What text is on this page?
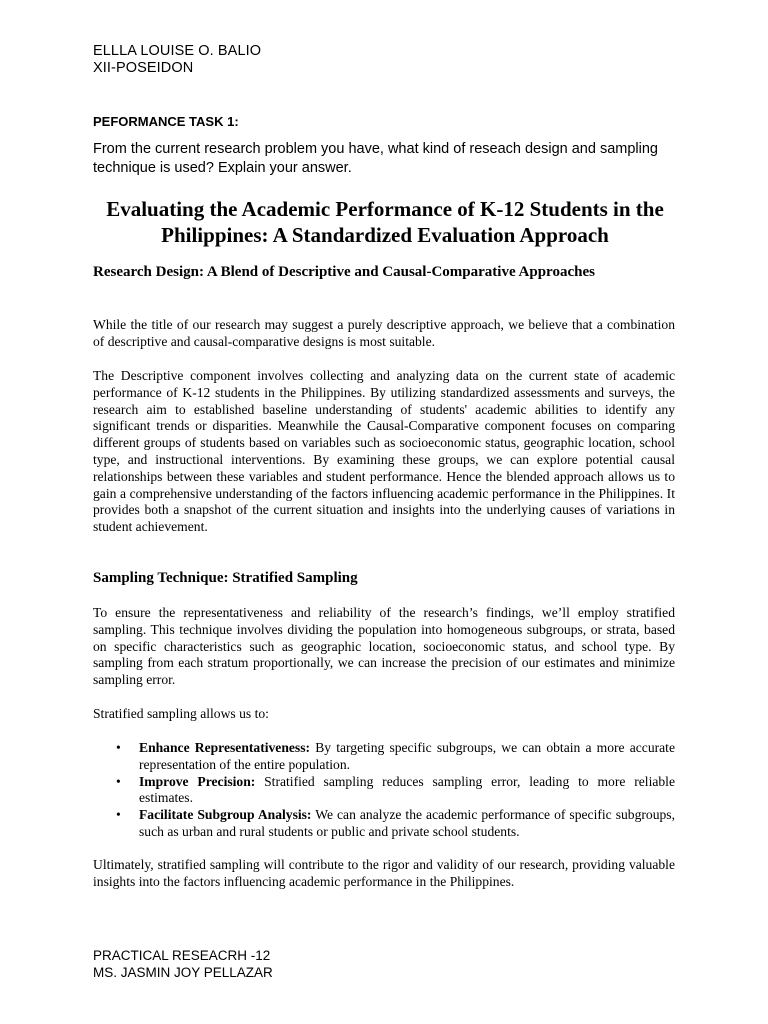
ELLLA LOUISE O. BALIO
XII-POSEIDON
PEFORMANCE TASK 1:
From the current research problem you have, what kind of reseach design and sampling technique is used? Explain your answer.
Evaluating the Academic Performance of K-12 Students in the Philippines: A Standardized Evaluation Approach
Research Design: A Blend of Descriptive and Causal-Comparative Approaches
While the title of our research may suggest a purely descriptive approach, we believe that a combination of descriptive and causal-comparative designs is most suitable.
The Descriptive component involves collecting and analyzing data on the current state of academic performance of K-12 students in the Philippines. By utilizing standardized assessments and surveys, the research aim to established baseline understanding of students' academic abilities to identify any significant trends or disparities. Meanwhile the Causal-Comparative component focuses on comparing different groups of students based on variables such as socioeconomic status, geographic location, school type, and instructional interventions. By examining these groups, we can explore potential causal relationships between these variables and student performance. Hence the blended approach allows us to gain a comprehensive understanding of the factors influencing academic performance in the Philippines. It provides both a snapshot of the current situation and insights into the underlying causes of variations in student achievement.
Sampling Technique: Stratified Sampling
To ensure the representativeness and reliability of the research’s findings, we’ll employ stratified sampling. This technique involves dividing the population into homogeneous subgroups, or strata, based on specific characteristics such as geographic location, socioeconomic status, and school type. By sampling from each stratum proportionally, we can increase the precision of our estimates and minimize sampling error.
Stratified sampling allows us to:
• Enhance Representativeness: By targeting specific subgroups, we can obtain a more accurate representation of the entire population.
• Improve Precision: Stratified sampling reduces sampling error, leading to more reliable estimates.
• Facilitate Subgroup Analysis: We can analyze the academic performance of specific subgroups, such as urban and rural students or public and private school students.
Ultimately, stratified sampling will contribute to the rigor and validity of our research, providing valuable insights into the factors influencing academic performance in the Philippines.
PRACTICAL RESEACRH -12
MS. JASMIN JOY PELLAZAR
